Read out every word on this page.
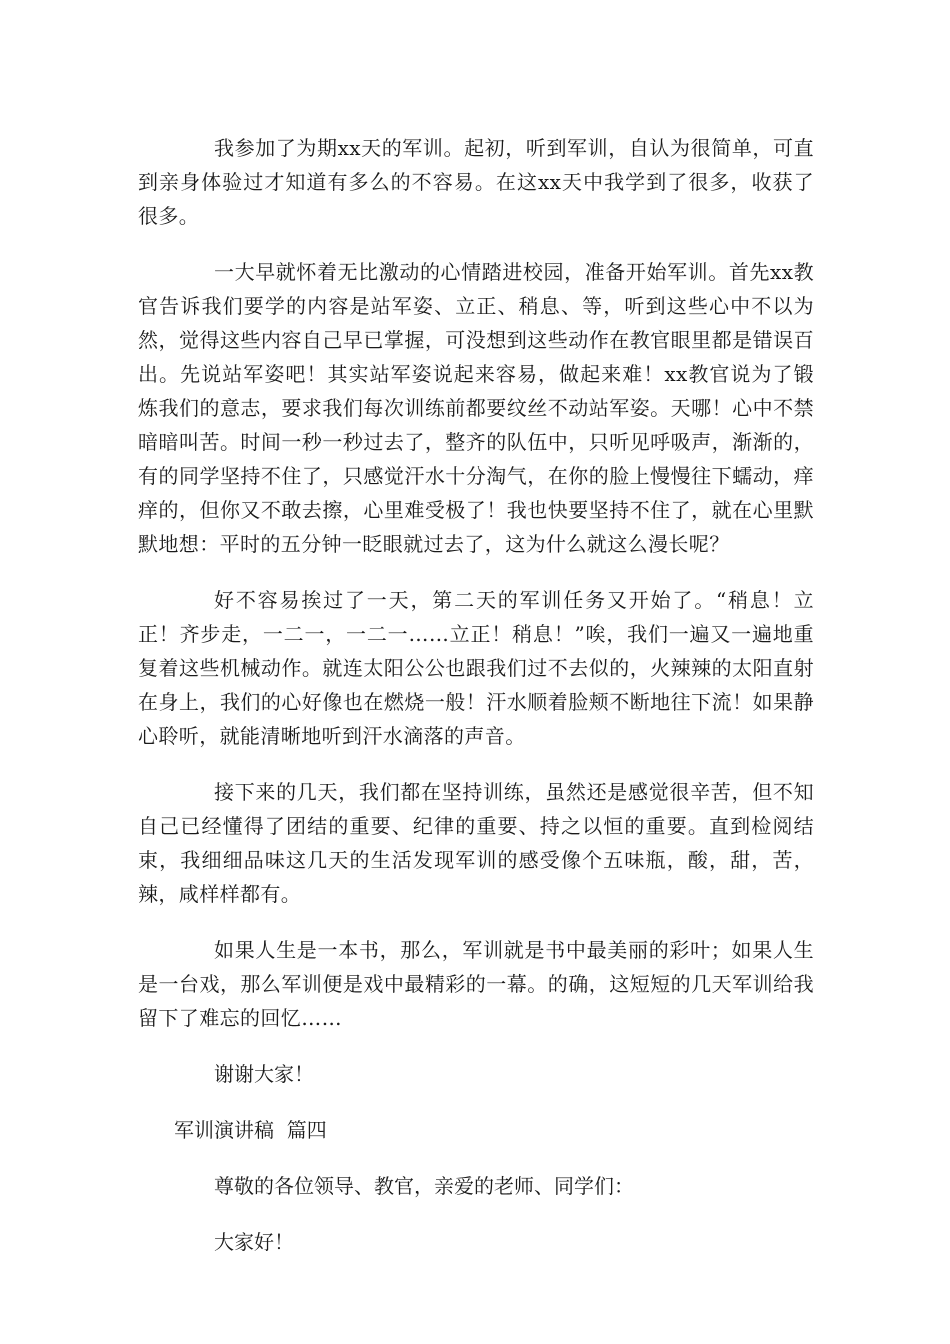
我参加了为期xx天的军训。起初，听到军训，自认为很简单，可直到亲身体验过才知道有多么的不容易。在这xx天中我学到了很多，收获了很多。

一大早就怀着无比激动的心情踏进校园，准备开始军训。首先xx教官告诉我们要学的内容是站军姿、立正、稍息、等，听到这些心中不以为然，觉得这些内容自己早已掌握，可没想到这些动作在教官眼里都是错误百出。先说站军姿吧！其实站军姿说起来容易，做起来难！xx教官说为了锻炼我们的意志，要求我们每次训练前都要纹丝不动站军姿。天哪！心中不禁暗暗叫苦。时间一秒一秒过去了，整齐的队伍中，只听见呼吸声，渐渐的，有的同学坚持不住了，只感觉汗水十分淘气，在你的脸上慢慢往下蠕动，痒痒的，但你又不敢去擦，心里难受极了！我也快要坚持不住了，就在心里默默地想：平时的五分钟一眨眼就过去了，这为什么就这么漫长呢？

好不容易挨过了一天，第二天的军训任务又开始了。“稍息！立正！齐步走，一二一，一二一……立正！稍息！”唉，我们一遍又一遍地重复着这些机械动作。就连太阳公公也跟我们过不去似的，火辣辣的太阳直射在身上，我们的心好像也在燃烧一般！汗水顺着脸颊不断地往下流！如果静心聆听，就能清晰地听到汗水滴落的声音。

接下来的几天，我们都在坚持训练，虽然还是感觉很辛苦，但不知自己已经懂得了团结的重要、纪律的重要、持之以恒的重要。直到检阅结束，我细细品味这几天的生活发现军训的感受像个五味瓶，酸，甜，苦，辣，咸样样都有。

如果人生是一本书，那么，军训就是书中最美丽的彩叶；如果人生是一台戏，那么军训便是戏中最精彩的一幕。的确，这短短的几天军训给我留下了难忘的回忆……

谢谢大家！

军训演讲稿  篇四

尊敬的各位领导、教官，亲爱的老师、同学们：

大家好！
